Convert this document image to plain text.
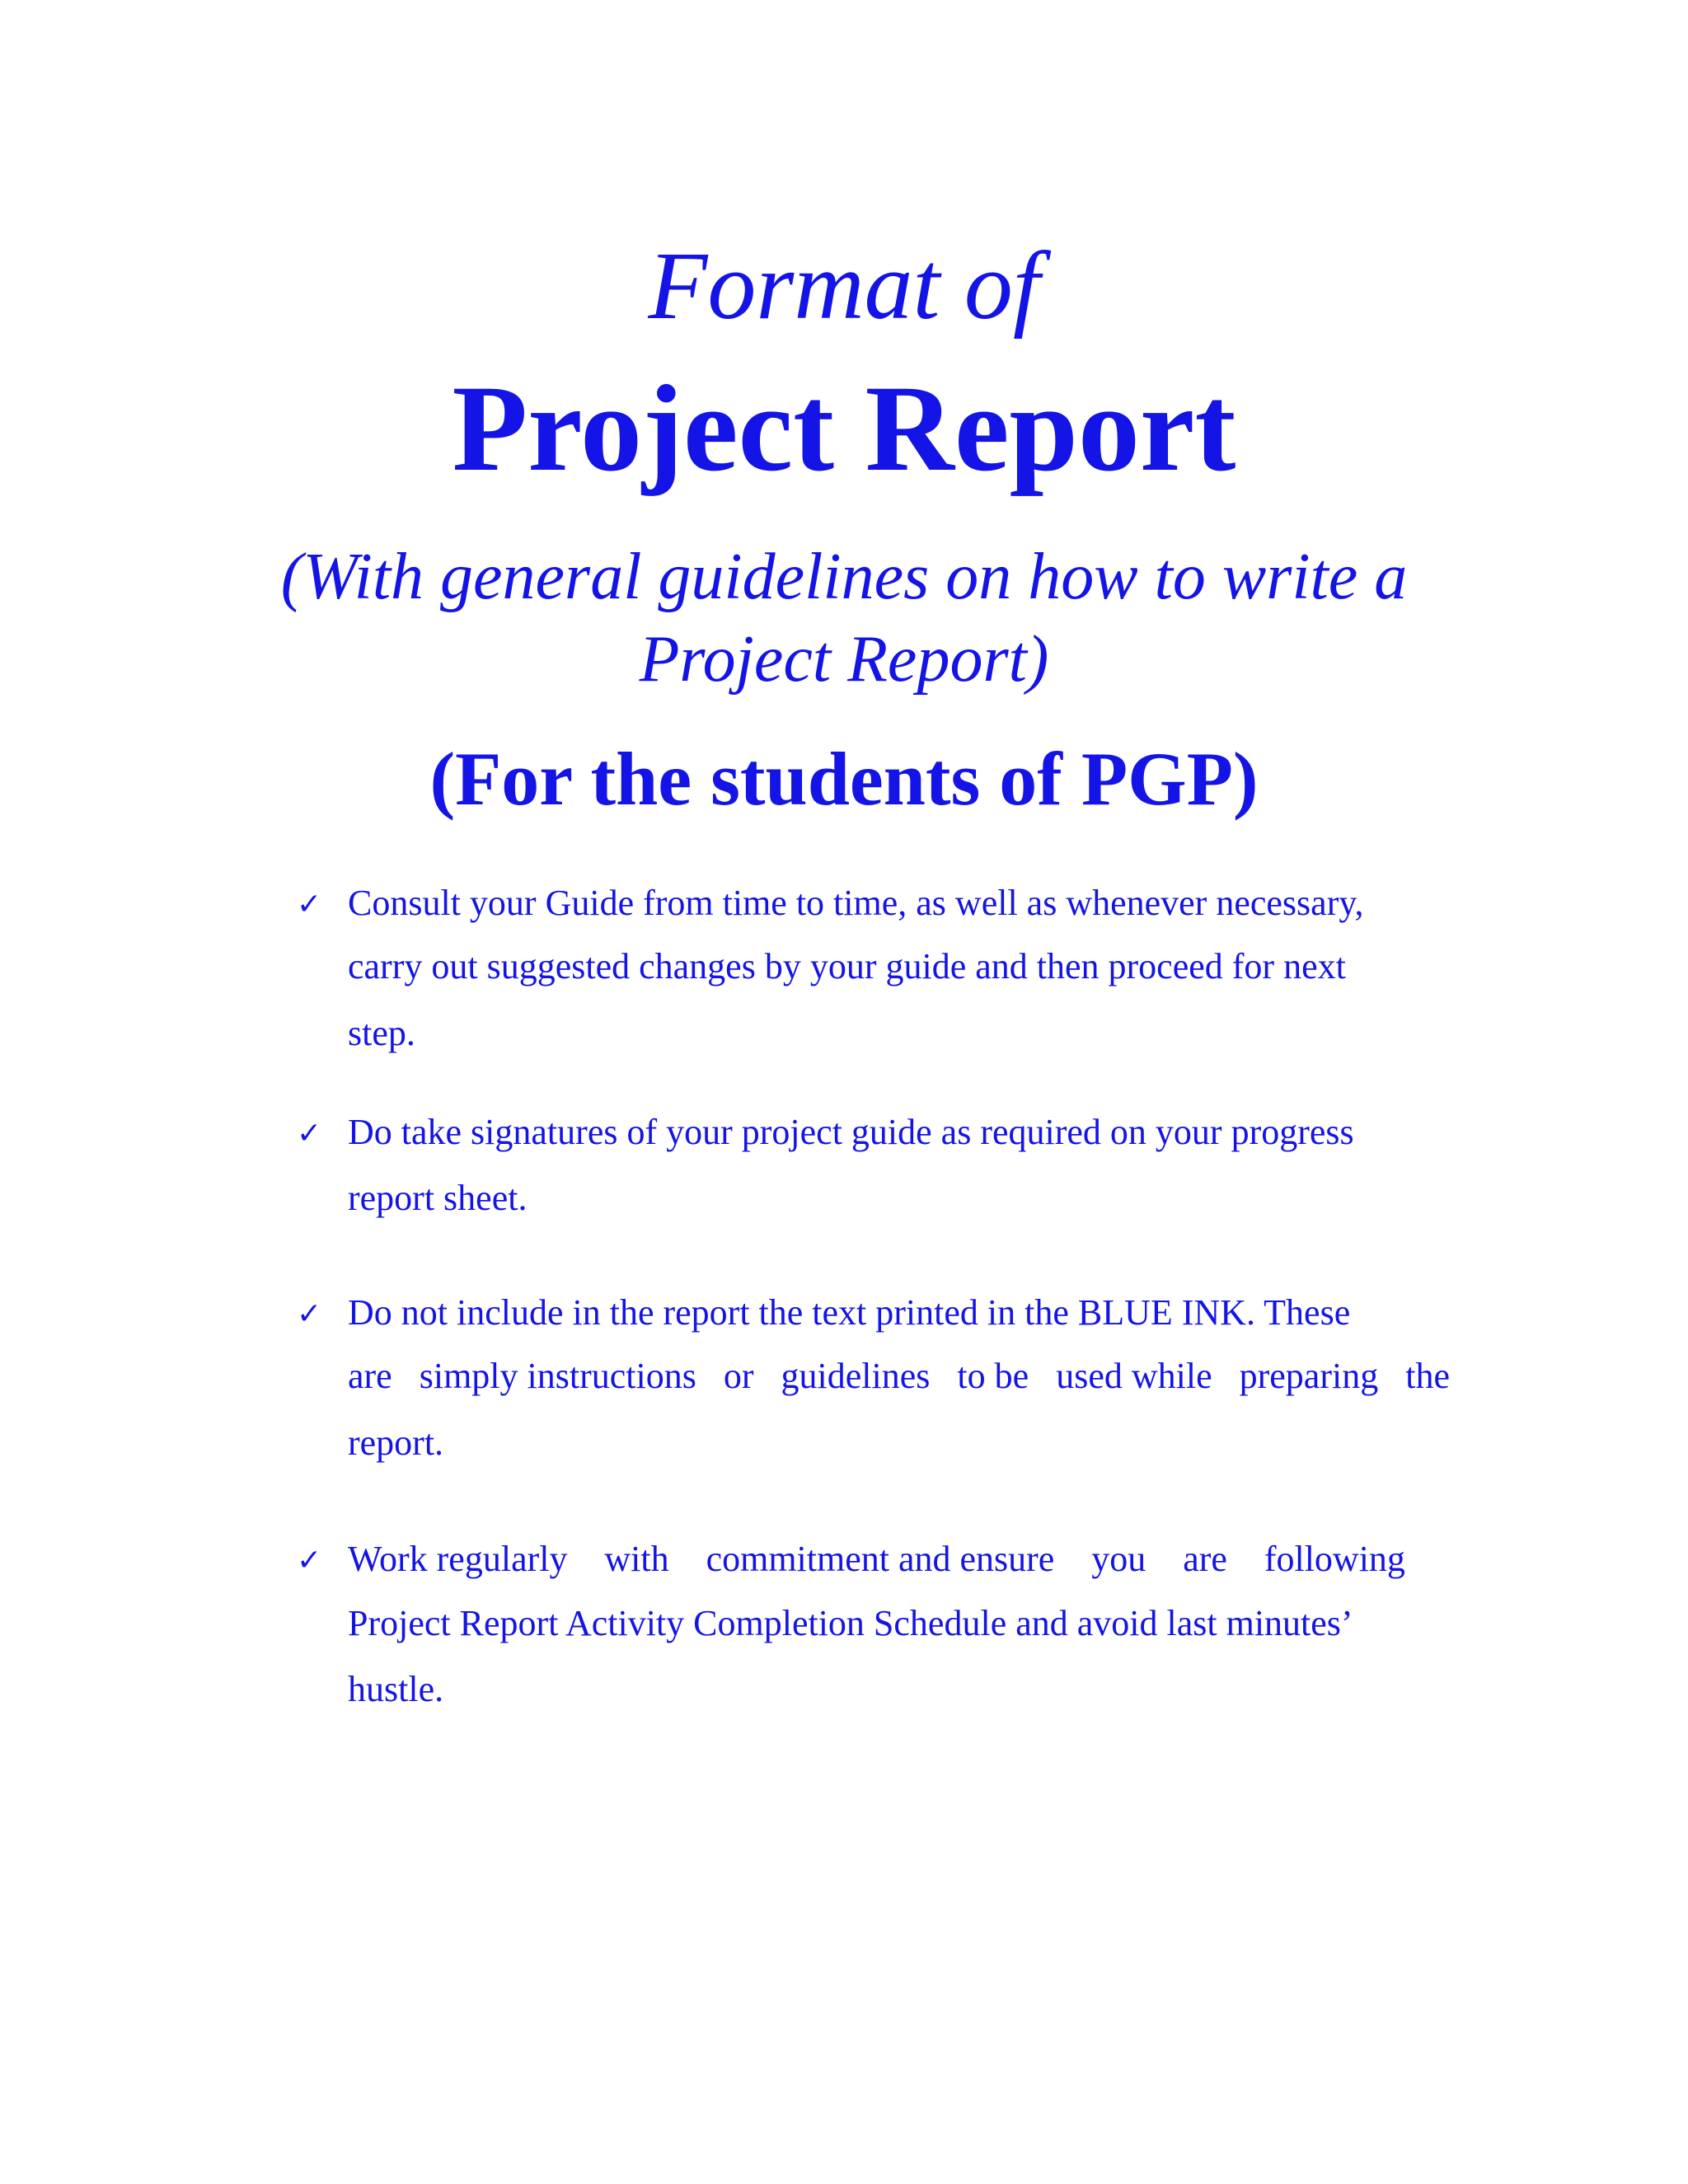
Format of
Project Report
(With general guidelines on how to write a
Project Report)
(For the students of PGP)
✓ Consult your Guide from time to time, as well as whenever necessary,
carry out suggested changes by your guide and then proceed for next
step.
✓ Do take signatures of your project guide as required on your progress
report sheet.
✓ Do not include in the report the text printed in the BLUE INK. These
are simply instructions or guidelines to be used while preparing the
report.
✓ Work regularly with commitment and ensure you are following
Project Report Activity Completion Schedule and avoid last minutes’
hustle.
